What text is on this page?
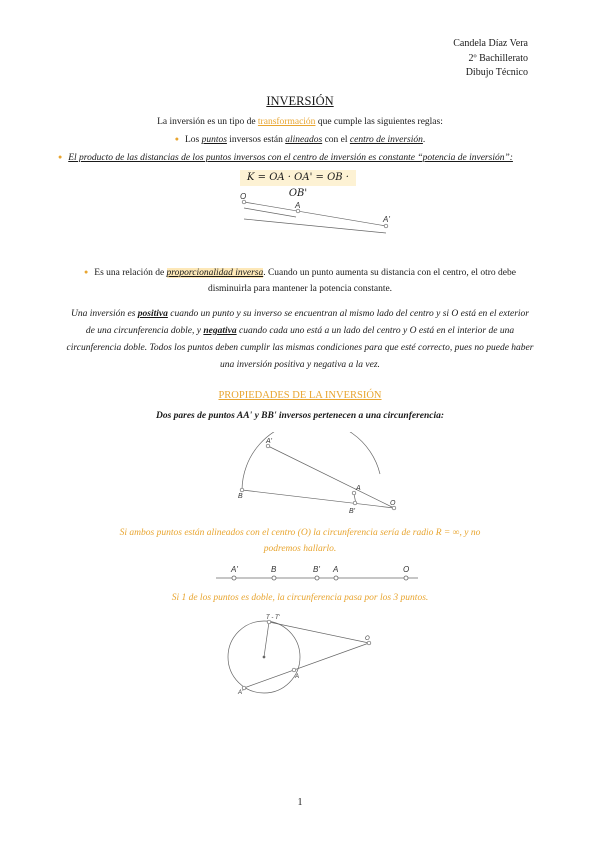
Candela Díaz Vera
2º Bachillerato
Dibujo Técnico
INVERSIÓN
La inversión es un tipo de transformación que cumple las siguientes reglas:
● Los puntos inversos están alineados con el centro de inversión.
● El producto de las distancias de los puntos inversos con el centro de inversión es constante “potencia de inversión”:
K = OA · OA' = OB · OB'
O
A
A'
● Es una relación de proporcionalidad inversa. Cuando un punto aumenta su distancia con el centro, el otro debe
disminuirla para mantener la potencia constante.
Una inversión es positiva cuando un punto y su inverso se encuentran al mismo lado del centro y si O está en el exterior
de una circunferencia doble, y negativa cuando cada uno está a un lado del centro y O está en el interior de una
circunferencia doble. Todos los puntos deben cumplir las mismas condiciones para que esté correcto, pues no puede haber
una inversión positiva y negativa a la vez.
PROPIEDADES DE LA INVERSIÓN
Dos pares de puntos AA' y BB' inversos pertenecen a una circunferencia:
A'
B
A
B'
O
Si ambos puntos están alineados con el centro (O) la circunferencia sería de radio R = ∞, y no
podremos hallarlo.
A'	B	B' A	O
Si 1 de los puntos es doble, la circunferencia pasa por los 3 puntos.
T - T'
O
A
A'
1
